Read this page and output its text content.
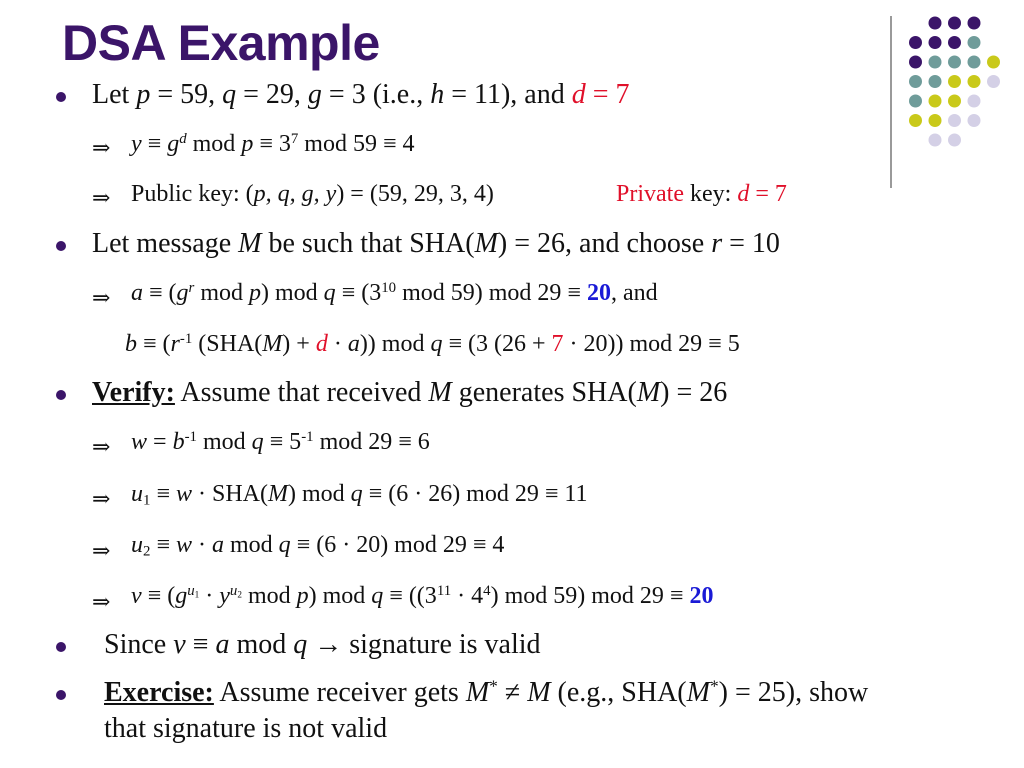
DSA Example
Let p = 59, q = 29, g = 3 (i.e., h = 11), and d = 7
⇒ $y \equiv g^d$ mod $p \equiv 3^7$ mod 59 ≡ 4
⇒ Public key: (p, q, g, y) = (59, 29, 3, 4)	Private key: d = 7
Let message M be such that SHA(M) = 26, and choose r = 10
⇒ $a \equiv (g^r$ mod p) mod $q \equiv (3^{10}$ mod 59) mod 29 ≡ 20, and
$b \equiv (r^{-1}$ (SHA(M) + d · a)) mod q ≡ (3 (26 + 7 · 20)) mod 29 ≡ 5
Verify: Assume that received M generates SHA(M) = 26
⇒ $w = b^{-1}$ mod $q \equiv 5^{-1}$ mod 29 ≡ 6
⇒ $u_1 \equiv w \cdot SHA(M)$ mod q ≡ (6 · 26) mod 29 ≡ 11
⇒ $u_2 \equiv w \cdot a$ mod q ≡ (6 · 20) mod 29 ≡ 4
⇒ $v \equiv (g^{u_1} \cdot y^{u_2}$ mod p) mod $q \equiv ((3^{11} \cdot 4^4)$ mod 59) mod 29 ≡ 20
Since v ≡ a mod q → signature is valid
Exercise: Assume receiver gets M* ≠ M (e.g., SHA(M*) = 25), show
that signature is not valid
